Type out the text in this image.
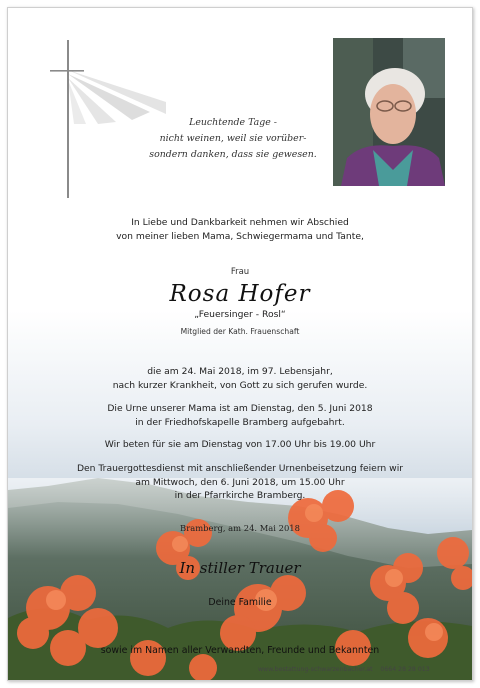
Leuchtende Tage -
nicht weinen, weil sie vorüber-
sondern danken, dass sie gewesen.
In Liebe und Dankbarkeit nehmen wir Abschied
von meiner lieben Mama, Schwiegermama und Tante,
Frau
Rosa Hofer
„Feuersinger - Rosl“
Mitglied der Kath. Frauenschaft
die am 24. Mai 2018, im 97. Lebensjahr,
nach kurzer Krankheit, von Gott zu sich gerufen wurde.
Die Urne unserer Mama ist am Dienstag, den 5. Juni 2018
in der Friedhofskapelle Bramberg aufgebahrt.
Wir beten für sie am Dienstag von 17.00 Uhr bis 19.00 Uhr
Den Trauergottesdienst mit anschließender Urnenbeisetzung feiern wir
am Mittwoch, den 6. Juni 2018, um 15.00 Uhr
in der Pfarrkirche Bramberg.
Bramberg, am 24. Mai 2018
In stiller Trauer
Deine Familie
sowie im Namen aller Verwandten, Freunde und Bekannten
www.bestattung-schwarzenbacher.at 0664 28 28 013
